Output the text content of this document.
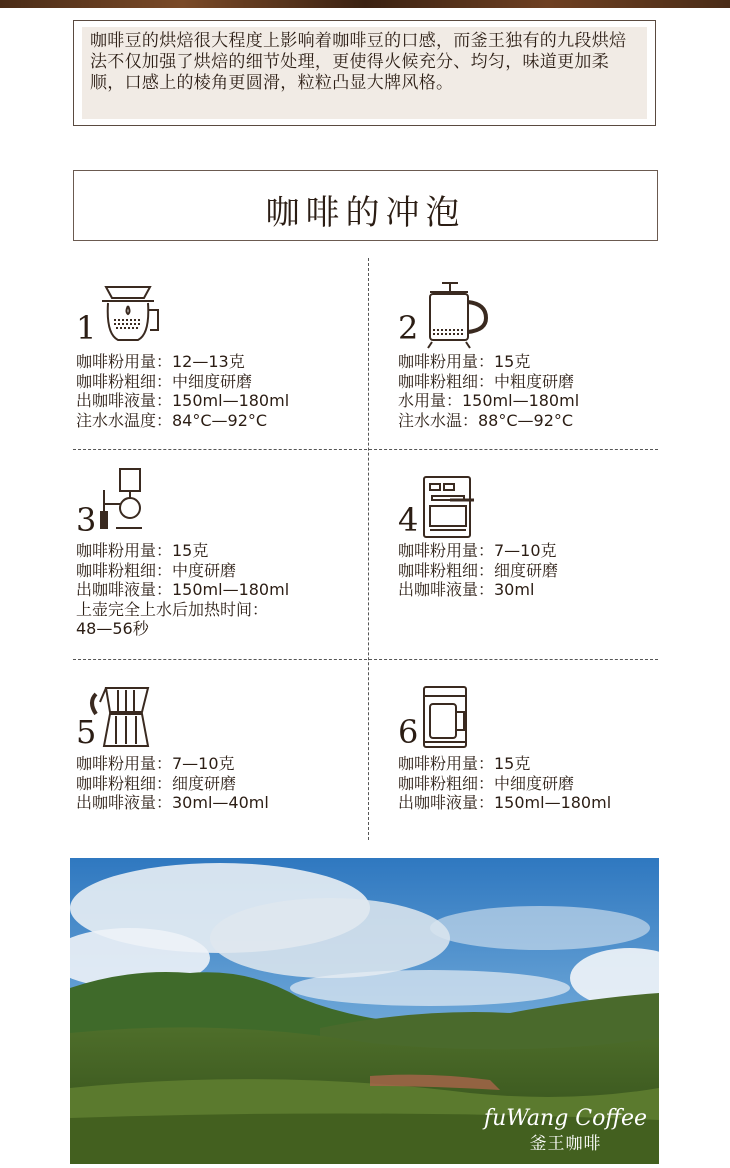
咖啡豆的烘焙很大程度上影响着咖啡豆的口感，而釜王独有的九段烘焙法不仅加强了烘焙的细节处理，更使得火候充分、均匀，味道更加柔顺，口感上的棱角更圆滑，粒粒凸显大牌风格。
咖啡的冲泡
1
咖啡粉用量：12—13克
咖啡粉粗细：中细度研磨
出咖啡液量：150ml—180ml
注水水温度：84°C—92°C
2
咖啡粉用量：15克
咖啡粉粗细：中粗度研磨
水用量：150ml—180ml
注水水温：88°C—92°C
3
咖啡粉用量：15克
咖啡粉粗细：中度研磨
出咖啡液量：150ml—180ml
上壶完全上水后加热时间：
48—56秒
4
咖啡粉用量：7—10克
咖啡粉粗细：细度研磨
出咖啡液量：30ml
5
咖啡粉用量：7—10克
咖啡粉粗细：细度研磨
出咖啡液量：30ml—40ml
6
咖啡粉用量：15克
咖啡粉粗细：中细度研磨
出咖啡液量：150ml—180ml
fuWang Coffee
釜王咖啡
